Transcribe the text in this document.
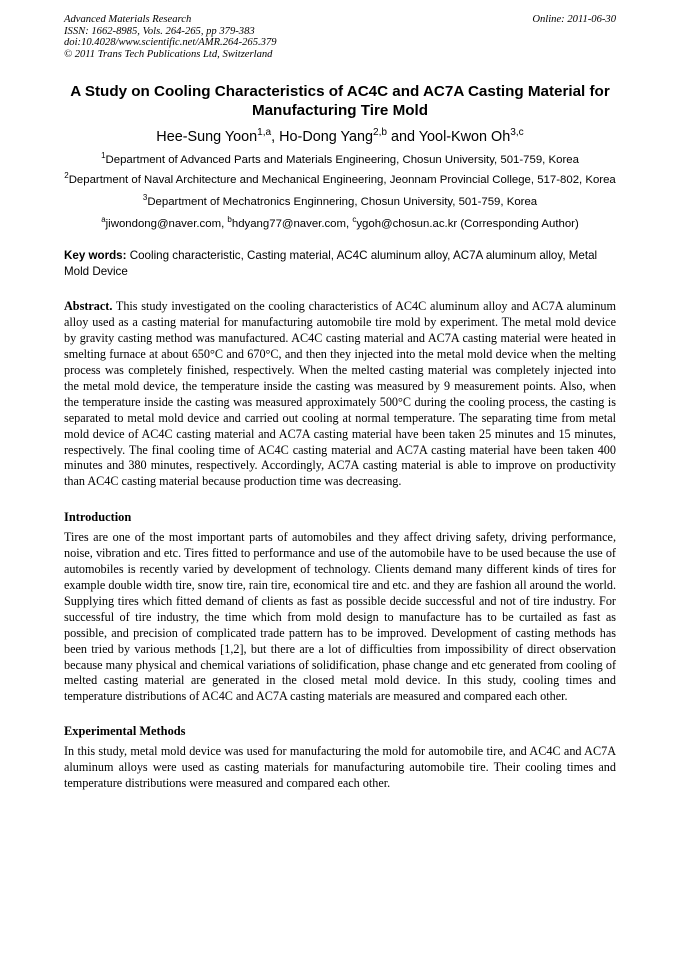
Advanced Materials Research
ISSN: 1662-8985, Vols. 264-265, pp 379-383
doi:10.4028/www.scientific.net/AMR.264-265.379
© 2011 Trans Tech Publications Ltd, Switzerland
Online: 2011-06-30
A Study on Cooling Characteristics of AC4C and AC7A Casting Material for Manufacturing Tire Mold
Hee-Sung Yoon$^{1,a}$, Ho-Dong Yang$^{2,b}$ and Yool-Kwon Oh$^{3,c}$
$^1$Department of Advanced Parts and Materials Engineering, Chosun University, 501-759, Korea
$^2$Department of Naval Architecture and Mechanical Engineering, Jeonnam Provincial College, 517-802, Korea
$^3$Department of Mechatronics Enginnering, Chosun University, 501-759, Korea
$^a$jiwondong@naver.com, $^b$hdyang77@naver.com, $^c$ygoh@chosun.ac.kr (Corresponding Author)
Key words: Cooling characteristic, Casting material, AC4C aluminum alloy, AC7A aluminum alloy, Metal Mold Device
Abstract. This study investigated on the cooling characteristics of AC4C aluminum alloy and AC7A aluminum alloy used as a casting material for manufacturing automobile tire mold by experiment. The metal mold device by gravity casting method was manufactured. AC4C casting material and AC7A casting material were heated in smelting furnace at about 650°C and 670°C, and then they injected into the metal mold device when the melting process was completely finished, respectively. When the melted casting material was completely injected into the metal mold device, the temperature inside the casting was measured by 9 measurement points. Also, when the temperature inside the casting was measured approximately 500°C during the cooling process, the casting is separated to metal mold device and carried out cooling at normal temperature. The separating time from metal mold device of AC4C casting material and AC7A casting material have been taken 25 minutes and 15 minutes, respectively. The final cooling time of AC4C casting material and AC7A casting material have been taken 400 minutes and 380 minutes, respectively. Accordingly, AC7A casting material is able to improve on productivity than AC4C casting material because production time was decreasing.
Introduction

Tires are one of the most important parts of automobiles and they affect driving safety, driving performance, noise, vibration and etc. Tires fitted to performance and use of the automobile have to be used because the use of automobiles is recently varied by development of technology. Clients demand many different kinds of tires for example double width tire, snow tire, rain tire, economical tire and etc. and they are fashion all around the world. Supplying tires which fitted demand of clients as fast as possible decide successful and not of tire industry. For successful of tire industry, the time which from mold design to manufacture has to be curtailed as fast as possible, and precision of complicated trade pattern has to be improved. Development of casting methods has been tried by various methods [1,2], but there are a lot of difficulties from impossibility of direct observation because many physical and chemical variations of solidification, phase change and etc generated from cooling of melted casting material are generated in the closed metal mold device. In this study, cooling times and temperature distributions of AC4C and AC7A casting materials are measured and compared each other.

Experimental Methods

In this study, metal mold device was used for manufacturing the mold for automobile tire, and AC4C and AC7A aluminum alloys were used as casting materials for manufacturing automobile tire. Their cooling times and temperature distributions were measured and compared each other.
